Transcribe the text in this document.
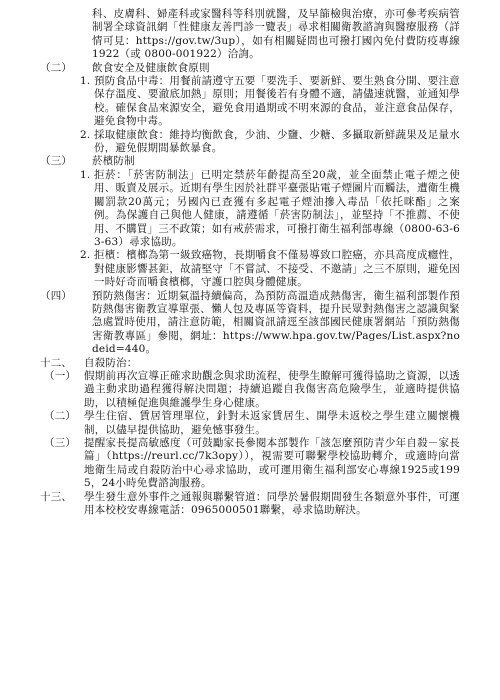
科、皮膚科、婦產科或家醫科等科別就醫，及早篩檢與治療，亦可參考疾病管制署全球資訊網「性健康友善門診一覽表」尋求相關衛教諮詢與醫療服務（詳情可見：https://gov.tw/3up），如有相關疑問也可撥打國內免付費防疫專線1922（或 0800-001922）洽詢。
（二）	飲食安全及健康飲食原則
1. 預防食品中毒：用餐前請遵守五要「要洗手、要新鮮、要生熟食分開、要注意保存溫度、要澈底加熱」原則；用餐後若有身體不適，請儘速就醫，並通知學校。確保食品來源安全，避免食用過期或不明來源的食品，並注意食品保存，避免食物中毒。
2. 採取健康飲食：維持均衡飲食，少油、少鹽、少糖、多攝取新鮮蔬果及足量水份，避免假期間暴飲暴食。
（三）	菸檳防制
1. 拒菸：「菸害防制法」已明定禁菸年齡提高至20歲，並全面禁止電子煙之使用、販賣及展示。近期有學生因於社群平臺張貼電子煙圖片而觸法，遭衛生機關罰款20萬元；另國內已查獲有多起電子煙油摻入毒品「依托咪酯」之案例。為保護自己與他人健康，請遵循「菸害防制法」，並堅持「不推薦、不使用、不購買」三不政策；如有戒菸需求，可撥打衛生福利部專線（0800-63-63-63）尋求協助。
2. 拒檳：檳榔為第一級致癌物，長期嚼食不僅易導致口腔癌，亦具高度成癮性，對健康影響甚鉅，故請堅守「不嘗試、不接受、不邀請」之三不原則，避免因一時好奇而嚼食檳榔，守護口腔與身體健康。
（四）	預防熱傷害：近期氣溫持續偏高，為預防高溫造成熱傷害，衛生福利部製作預防熱傷害衛教宣導單張、懶人包及專區等資料，提升民眾對熱傷害之認識與緊急處置時使用，請注意防範，相關資訊請逕至該部國民健康署網站「預防熱傷害衛教專區」參閱，網址：https://www.hpa.gov.tw/Pages/List.aspx?nodeid=440。
十二、	自殺防治：
（一） 假期前再次宣導正確求助觀念與求助流程，使學生瞭解可獲得協助之資源，以透過主動求助過程獲得解決問題；持續追蹤自我傷害高危險學生，並適時提供協助，以積極促進與維護學生身心健康。
（二） 學生住宿、賃居管理單位，針對未返家賃居生、開學未返校之學生建立關懷機制，以儘早提供協助，避免憾事發生。
（三） 提醒家長提高敏感度（可鼓勵家長參閱本部製作「該怎麼預防青少年自殺－家長篇」（https://reurl.cc/7k3opy）），視需要可聯繫學校協助轉介，或適時向當地衛生局或自殺防治中心尋求協助，或可運用衛生福利部安心專線1925或1995，24小時免費諮詢服務。
十三、	學生發生意外事件之通報與聯繫管道：同學於暑假期間發生各類意外事件，可運用本校校安專線電話：0965000501聯繫，尋求協助解決。
